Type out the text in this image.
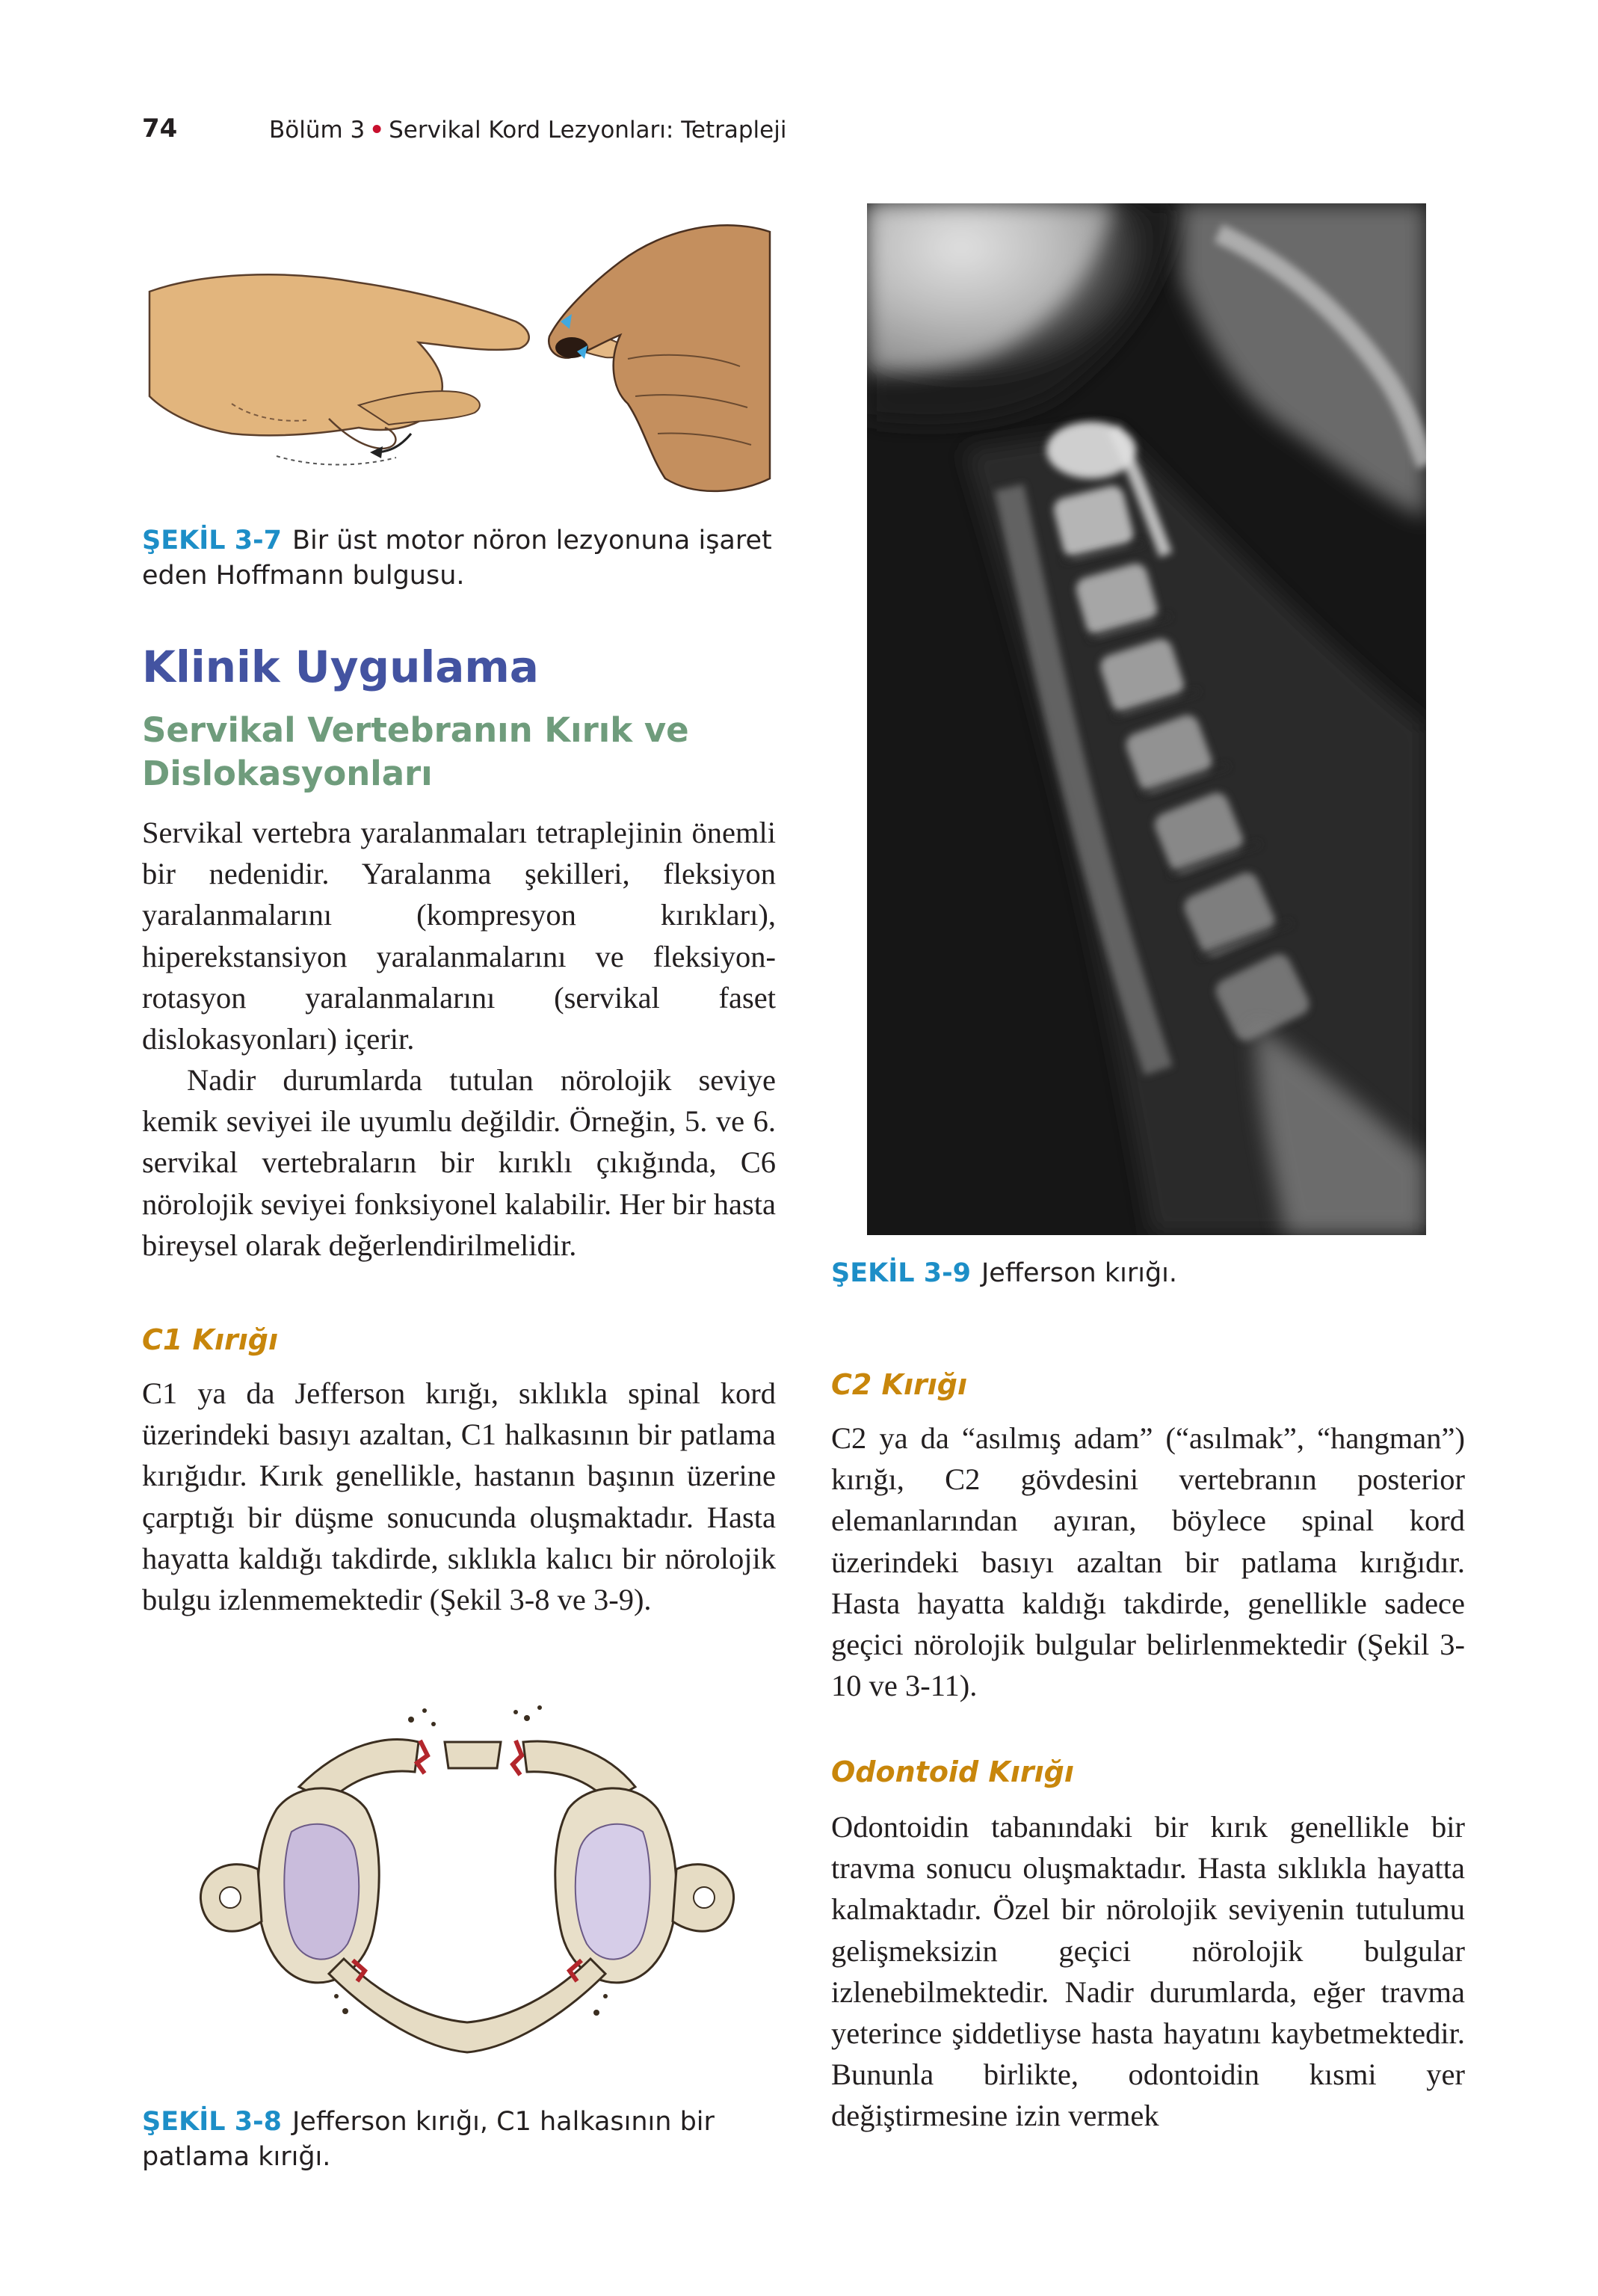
74	Bölüm 3 • Servikal Kord Lezyonları: Tetrapleji
ŞEKİL 3-7 Bir üst motor nöron lezyonuna işaret
eden Hoffmann bulgusu.
Klinik Uygulama
Servikal Vertebranın Kırık ve
Dislokasyonları
Servikal vertebra yaralanmaları tetraplejinin önemli bir nedenidir. Yaralanma şekilleri, fleksiyon yaralanmalarını (kompresyon kırıkları), hiperekstansiyon yaralanmalarını ve fleksiyon-rotasyon yaralanmalarını (servikal faset dislokasyonları) içerir.
Nadir durumlarda tutulan nörolojik seviye kemik seviyei ile uyumlu değildir. Örneğin, 5. ve 6. servikal vertebraların bir kırıklı çıkığında, C6 nörolojik seviyei fonksiyonel kalabilir. Her bir hasta bireysel olarak değerlendirilmelidir.
C1 Kırığı
C1 ya da Jefferson kırığı, sıklıkla spinal kord üzerindeki basıyı azaltan, C1 halkasının bir patlama kırığıdır. Kırık genellikle, hastanın başının üzerine çarptığı bir düşme sonucunda oluşmaktadır. Hasta hayatta kaldığı takdirde, sıklıkla kalıcı bir nörolojik bulgu izlenmemektedir (Şekil 3-8 ve 3-9).
ŞEKİL 3-9 Jefferson kırığı.
C2 Kırığı
C2 ya da “asılmış adam” (“asılmak”, “hangman”) kırığı, C2 gövdesini vertebranın posterior elemanlarından ayıran, böylece spinal kord üzerindeki basıyı azaltan bir patlama kırığıdır. Hasta hayatta kaldığı takdirde, genellikle sadece geçici nörolojik bulgular belirlenmektedir (Şekil 3-10 ve 3-11).
Odontoid Kırığı
Odontoidin tabanındaki bir kırık genellikle bir travma sonucu oluşmaktadır. Hasta sıklıkla hayatta kalmaktadır. Özel bir nörolojik seviyenin tutulumu gelişmeksizin geçici nörolojik bulgular izlenebilmektedir. Nadir durumlarda, eğer travma yeterince şiddetliyse hasta hayatını kaybetmektedir. Bununla birlikte, odontoidin kısmi yer değiştirmesine izin vermek
ŞEKİL 3-8 Jefferson kırığı, C1 halkasının bir
patlama kırığı.
